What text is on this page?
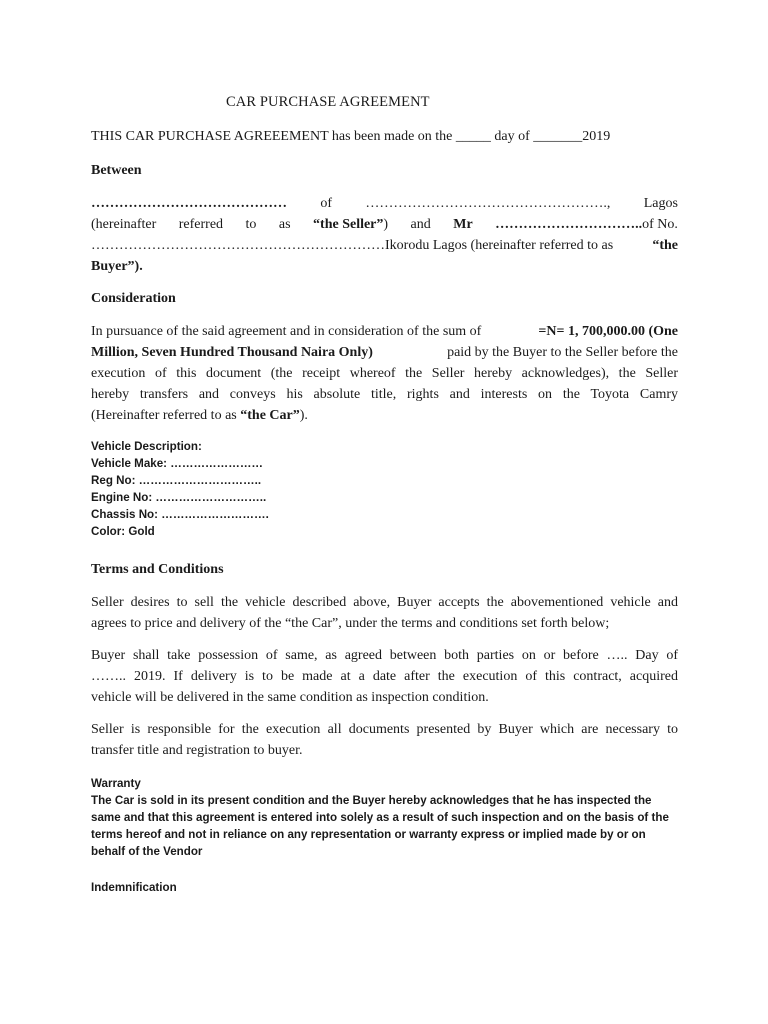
CAR PURCHASE AGREEMENT
THIS CAR PURCHASE AGREEEMENT has been made on the _____ day of _______2019
Between
…………………………………… of ……………………………………………., Lagos
(hereinafter referred to as “the Seller”) and Mr …………………………..of No.
………………………………………………………Ikorodu Lagos (hereinafter referred to as	“the
Buyer”).
Consideration
In pursuance of the said agreement and in consideration of the sum of	=N= 1, 700,000.00 (One
Million, Seven Hundred Thousand Naira Only)	paid by the Buyer to the Seller before the
execution of this document (the receipt whereof the Seller hereby acknowledges), the Seller
hereby transfers and conveys his absolute title, rights and interests on the Toyota Camry
(Hereinafter referred to as “the Car”).
Vehicle Description:
Vehicle Make: ……………………
Reg No: …………………………..
Engine No: ………………………..
Chassis No: ……………………….
Color: Gold
Terms and Conditions
Seller desires to sell the vehicle described above, Buyer accepts the abovementioned vehicle and
agrees to price and delivery of the “the Car”, under the terms and conditions set forth below;
Buyer shall take possession of same, as agreed between both parties on or before ….. Day of
…….. 2019. If delivery is to be made at a date after the execution of this contract, acquired
vehicle will be delivered in the same condition as inspection condition.
Seller is responsible for the execution all documents presented by Buyer which are necessary to
transfer title and registration to buyer.
Warranty
The Car is sold in its present condition and the Buyer hereby acknowledges that he has inspected the
same and that this agreement is entered into solely as a result of such inspection and on the basis of the
terms hereof and not in reliance on any representation or warranty express or implied made by or on
behalf of the Vendor
Indemnification
